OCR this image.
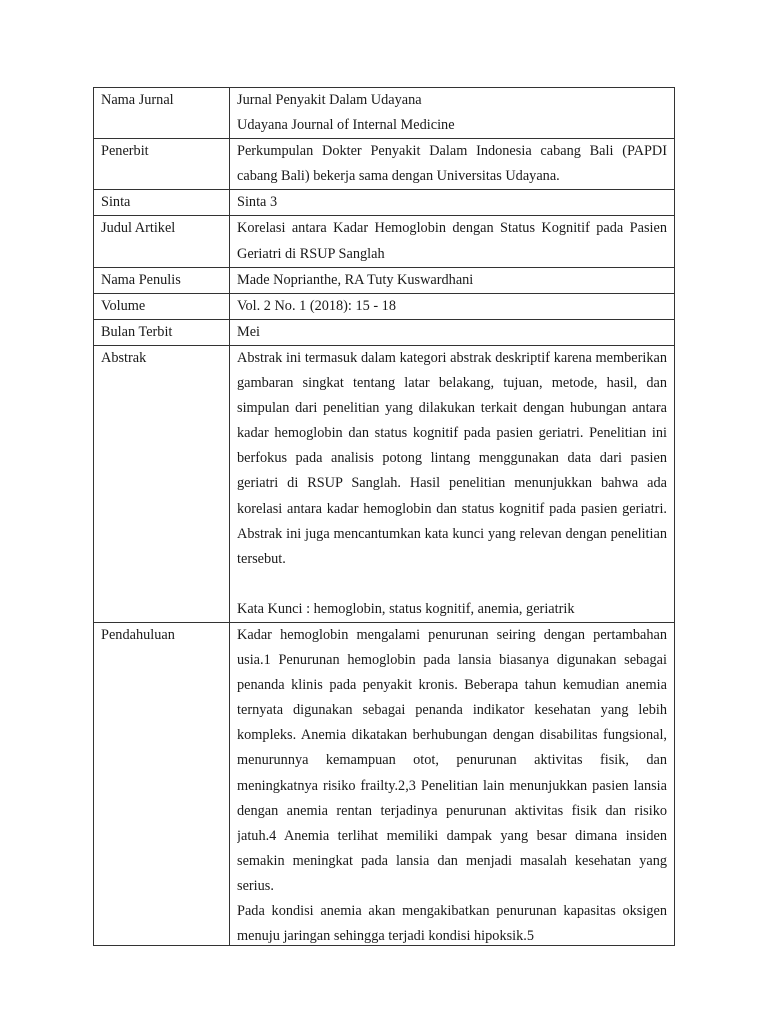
Nama Jurnal	Jurnal Penyakit Dalam Udayana
Udayana Journal of Internal Medicine

Penerbit	Perkumpulan Dokter Penyakit Dalam Indonesia cabang Bali (PAPDI cabang Bali) bekerja sama dengan Universitas Udayana.
Sinta	Sinta 3
Judul Artikel	Korelasi antara Kadar Hemoglobin dengan Status Kognitif pada Pasien Geriatri di RSUP Sanglah
Nama Penulis	Made Noprianthe, RA Tuty Kuswardhani
Volume	Vol. 2 No. 1 (2018): 15 - 18
Bulan Terbit	Mei
Abstrak	Abstrak ini termasuk dalam kategori abstrak deskriptif karena memberikan gambaran singkat tentang latar belakang, tujuan, metode, hasil, dan simpulan dari penelitian yang dilakukan terkait dengan hubungan antara kadar hemoglobin dan status kognitif pada pasien geriatri. Penelitian ini berfokus pada analisis potong lintang menggunakan data dari pasien geriatri di RSUP Sanglah. Hasil penelitian menunjukkan bahwa ada korelasi antara kadar hemoglobin dan status kognitif pada pasien geriatri. Abstrak ini juga mencantumkan kata kunci yang relevan dengan penelitian tersebut.

Kata Kunci : hemoglobin, status kognitif, anemia, geriatrik

Pendahuluan	Kadar hemoglobin mengalami penurunan seiring dengan pertambahan usia.1 Penurunan hemoglobin pada lansia biasanya digunakan sebagai penanda klinis pada penyakit kronis. Beberapa tahun kemudian anemia ternyata digunakan sebagai penanda indikator kesehatan yang lebih kompleks. Anemia dikatakan berhubungan dengan disabilitas fungsional, menurunnya kemampuan otot, penurunan aktivitas fisik, dan meningkatnya risiko frailty.2,3 Penelitian lain menunjukkan pasien lansia dengan anemia rentan terjadinya penurunan aktivitas fisik dan risiko jatuh.4 Anemia terlihat memiliki dampak yang besar dimana insiden semakin meningkat pada lansia dan menjadi masalah kesehatan yang serius.

Pada kondisi anemia akan mengakibatkan penurunan kapasitas oksigen menuju jaringan sehingga terjadi kondisi hipoksik.5
